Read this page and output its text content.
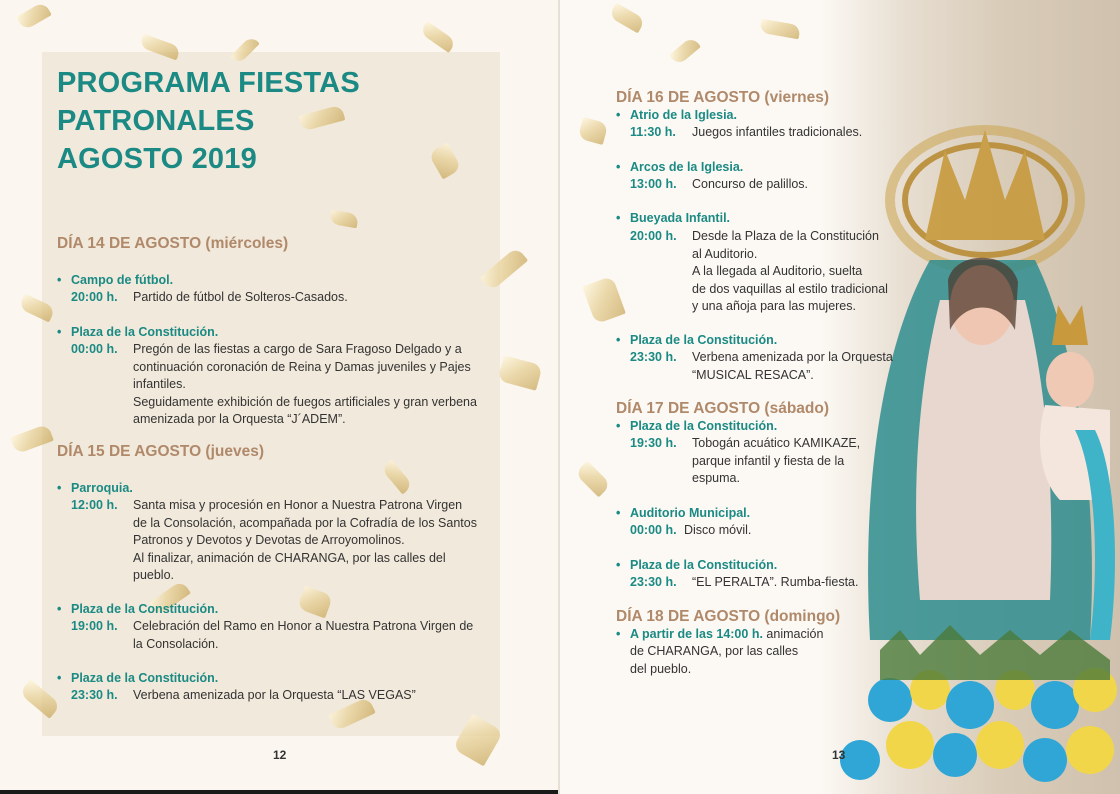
PROGRAMA FIESTAS
PATRONALES
AGOSTO 2019
DÍA 14 DE AGOSTO (miércoles)
• Campo de fútbol.
20:00 h. Partido de fútbol de Solteros-Casados.
• Plaza de la Constitución.
00:00 h. Pregón de las fiestas a cargo de Sara Fragoso Delgado y a
continuación coronación de Reina y Damas juveniles y Pajes
infantiles.
Seguidamente exhibición de fuegos artificiales y gran verbena
amenizada por la Orquesta “J´ADEM”.
DÍA 15 DE AGOSTO (jueves)
• Parroquia.
12:00 h. Santa misa y procesión en Honor a Nuestra Patrona Virgen
de la Consolación, acompañada por la Cofradía de los Santos
Patronos y Devotos y Devotas de Arroyomolinos.
Al finalizar, animación de CHARANGA, por las calles del
pueblo.
• Plaza de la Constitución.
19:00 h. Celebración del Ramo en Honor a Nuestra Patrona Virgen de
la Consolación.
• Plaza de la Constitución.
23:30 h. Verbena amenizada por la Orquesta “LAS VEGAS”
12
DÍA 16 DE AGOSTO (viernes)
• Atrio de la Iglesia.
11:30 h. Juegos infantiles tradicionales.
• Arcos de la Iglesia.
13:00 h. Concurso de palillos.
• Bueyada Infantil.
20:00 h. Desde la Plaza de la Constitución
al Auditorio.
A la llegada al Auditorio, suelta
de dos vaquillas al estilo tradicional
y una añoja para las mujeres.
• Plaza de la Constitución.
23:30 h. Verbena amenizada por la Orquesta
“MUSICAL RESACA”.
DÍA 17 DE AGOSTO (sábado)
• Plaza de la Constitución.
19:30 h. Tobogán acuático KAMIKAZE,
parque infantil y fiesta de la
espuma.
• Auditorio Municipal.
00:00 h. Disco móvil.
• Plaza de la Constitución.
23:30 h. “EL PERALTA”. Rumba-fiesta.
DÍA 18 DE AGOSTO (domingo)
• A partir de las 14:00 h. animación
de CHARANGA, por las calles
del pueblo.
13
